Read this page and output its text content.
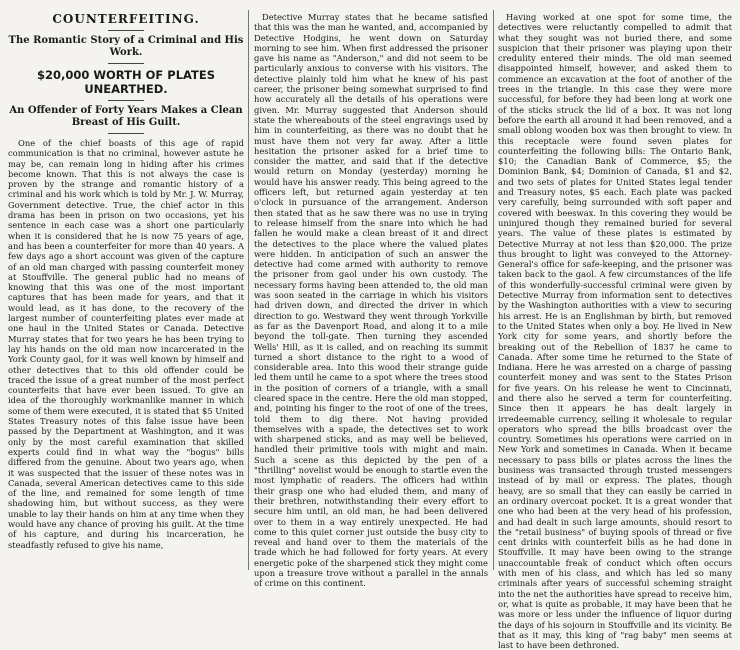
COUNTERFEITING.
The Romantic Story of a Criminal and His Work.
$20,000 WORTH OF PLATES UNEARTHED.
An Offender of Forty Years Makes a Clean Breast of His Guilt.

One of the chief boasts of this age of rapid communication is that no criminal, however astute he may be, can remain long in hiding after his crimes become known. That this is not always the case is proven by the strange and romantic history of a criminal and his work which is told by Mr. J. W. Murray, Government detective. True, the chief actor in this drama has been in prison on two occasions, yet his sentence in each case was a short one particularly when it is considered that he is now 75 years of age, and has been a counterfeiter for more than 40 years. A few days ago a short account was given of the capture of an old man charged with passing counterfeit money at Stouffville. The general public had no means of knowing that this was one of the most important captures that has been made for years, and that it would lead, as it has done, to the recovery of the largest number of counterfeiting plates ever made at one haul in the United States or Canada. Detective Murray states that for two years he has been trying to lay his hands on the old man now incarcerated in the York County gaol, for it was well known by himself and other detectives that to this old offender could be traced the issue of a great number of the most perfect counterfeits that have ever been issued. To give an idea of the thoroughly workmanlike manner in which some of them were executed, it is stated that $5 United States Treasury notes of this false issue have been passed by the Department at Washington, and it was only by the most careful examination that skilled experts could find in what way the "bogus" bills differed from the genuine. About two years ago, when it was suspected that the issuer of these notes was in Canada, several American detectives came to this side of the line, and remained for some length of time shadowing him, but without success, as they were unable to lay their hands on him at any time when they would have any chance of proving his guilt. At the time of his capture, and during his incarceration, he steadfastly refused to give his name,

Detective Murray states that he became satisfied that this was the man he wanted, and, accompanied by Detective Hodgins, he went down on Saturday morning to see him. When first addressed the prisoner gave his name as "Anderson," and did not seem to be particularly anxious to converse with his visitors. The detective plainly told him what he knew of his past career, the prisoner being somewhat surprised to find how accurately all the details of his operations were given. Mr. Murray suggested that Anderson should state the whereabouts of the steel engravings used by him in counterfeiting, as there was no doubt that he must have them not very far away. After a little hesitation the prisoner asked for a brief time to consider the matter, and said that if the detective would return on Monday (yesterday) morning he would have his answer ready. This being agreed to the officers left, but returned again yesterday at ten o'clock in pursuance of the arrangement. Anderson then stated that as he saw there was no use in trying to release himself from the snare into which he had fallen he would make a clean breast of it and direct the detectives to the place where the valued plates were hidden. In anticipation of such an answer the detective had come armed with authority to remove the prisoner from gaol under his own custody. The necessary forms having been attended to, the old man was soon seated in the carriage in which his visitors had driven down, and directed the driver in which direction to go. Westward they went through Yorkville as far as the Davenport Road, and along it to a mile beyond the toll-gate. Then turning they ascended Wells' Hill, as it is called, and on reaching its summit turned a short distance to the right to a wood of considerable area. Into this wood their strange guide led them until he came to a spot where the trees stood in the position of corners of a triangle, with a small cleared space in the centre. Here the old man stopped, and, pointing his finger to the root of one of the trees, told them to dig there. Not having provided themselves with a spade, the detectives set to work with sharpened sticks, and as may well be believed, handled their primitive tools with might and main. Such a scene as this depicted by the pen of a "thrilling" novelist would be enough to startle even the most lymphatic of readers. The officers had within their grasp one who had eluded them, and many of their brethren, notwithstanding their every effort to secure him until, an old man, he had been delivered over to them in a way entirely unexpected. He had come to this quiet corner just outside the busy city to reveal and hand over to them the materials of the trade which he had followed for forty years. At every energetic poke of the sharpened stick they might come upon a treasure trove without a parallel in the annals of crime on this continent.

Having worked at one spot for some time, the detectives were reluctantly compelled to admit that what they sought was not buried there, and some suspicion that their prisoner was playing upon their credulity entered their minds. The old man seemed disappointed himself, however, and asked them to commence an excavation at the foot of another of the trees in the triangle. In this case they were more successful, for before they had been long at work one of the sticks struck the lid of a box. It was not long before the earth all around it had been removed, and a small oblong wooden box was then brought to view. In this receptacle were found seven plates for counterfeiting the following bills: The Ontario Bank, $10; the Canadian Bank of Commerce, $5; the Dominion Bank, $4; Dominion of Canada, $1 and $2, and two sets of plates for United States legal tender and Treasury notes, $5 each. Each plate was packed very carefully, being surrounded with soft paper and covered with beeswax. In this covering they would be uninjured though they remained buried for several years. The value of these plates is estimated by Detective Murray at not less than $20,000. The prize thus brought to light was conveyed to the Attorney-General's office for safe-keeping, and the prisoner was taken back to the gaol. A few circumstances of the life of this wonderfully-successful criminal were given by Detective Murray from information sent to detectives by the Washington authorities with a view to securing his arrest. He is an Englishman by birth, but removed to the United States when only a boy. He lived in New York city for some years, and shortly before the breaking out of the Rebellion of 1837 he came to Canada. After some time he returned to the State of Indiana. Here he was arrested on a charge of passing counterfeit money and was sent to the States Prison for five years. On his release he went to Cincinnati, and there also he served a term for counterfeiting. Since then it appears he has dealt largely in irredeemable currency, selling it wholesale to regular operators who spread the bills broadcast over the country. Sometimes his operations were carried on in New York and sometimes in Canada. When it became necessary to pass bills or plates across the lines the business was transacted through trusted messengers instead of by mail or express. The plates, though heavy, are so small that they can easily be carried in an ordinary overcoat pocket. It is a great wonder that one who had been at the very head of his profession, and had dealt in such large amounts, should resort to the "retail business" of buying spools of thread or five cent drinks with counterfeit bills as he had done in Stouffville. It may have been owing to the strange unaccountable freak of conduct which often occurs with men of his class, and which has led so many criminals after years of successful scheming straight into the net the authorities have spread to receive him, or, what is quite as probable, it may have been that he was more or less under the influence of liquor during the days of his sojourn in Stouffville and its vicinity. Be that as it may, this king of "rag baby" men seems at last to have been dethroned.
